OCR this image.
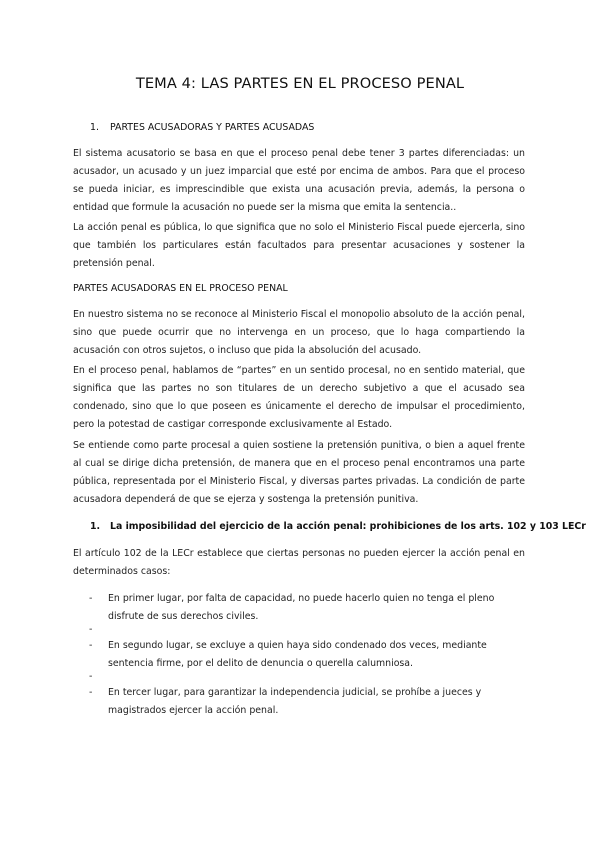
TEMA 4: LAS PARTES EN EL PROCESO PENAL
1. PARTES ACUSADORAS Y PARTES ACUSADAS

El sistema acusatorio se basa en que el proceso penal debe tener 3 partes diferenciadas: un acusador, un acusado y un juez imparcial que esté por encima de ambos. Para que el proceso se pueda iniciar, es imprescindible que exista una acusación previa, además, la persona o entidad que formule la acusación no puede ser la misma que emita la sentencia..

La acción penal es pública, lo que significa que no solo el Ministerio Fiscal puede ejercerla, sino que también los particulares están facultados para presentar acusaciones y sostener la pretensión penal.

PARTES ACUSADORAS EN EL PROCESO PENAL

En nuestro sistema no se reconoce al Ministerio Fiscal el monopolio absoluto de la acción penal, sino que puede ocurrir que no intervenga en un proceso, que lo haga compartiendo la acusación con otros sujetos, o incluso que pida la absolución del acusado.

En el proceso penal, hablamos de “partes” en un sentido procesal, no en sentido material, que significa que las partes no son titulares de un derecho subjetivo a que el acusado sea condenado, sino que lo que poseen es únicamente el derecho de impulsar el procedimiento, pero la potestad de castigar corresponde exclusivamente al Estado.

Se entiende como parte procesal a quien sostiene la pretensión punitiva, o bien a aquel frente al cual se dirige dicha pretensión, de manera que en el proceso penal encontramos una parte pública, representada por el Ministerio Fiscal, y diversas partes privadas. La condición de parte acusadora dependerá de que se ejerza y sostenga la pretensión punitiva.

1. La imposibilidad del ejercicio de la acción penal: prohibiciones de los arts. 102 y 103 LECr

El artículo 102 de la LECr establece que ciertas personas no pueden ejercer la acción penal en determinados casos:

- En primer lugar, por falta de capacidad, no puede hacerlo quien no tenga el pleno disfrute de sus derechos civiles.
-
- En segundo lugar, se excluye a quien haya sido condenado dos veces, mediante sentencia firme, por el delito de denuncia o querella calumniosa.
-
- En tercer lugar, para garantizar la independencia judicial, se prohíbe a jueces y magistrados ejercer la acción penal.
